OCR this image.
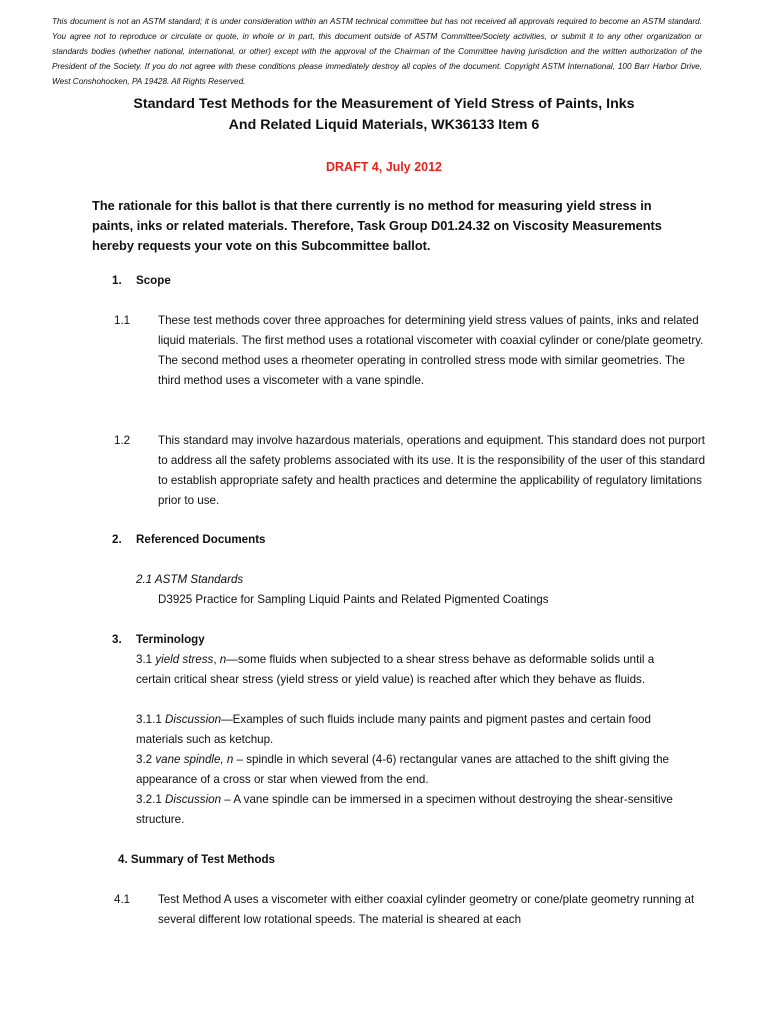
This document is not an ASTM standard; it is under consideration within an ASTM technical committee but has not received all approvals required to become an ASTM standard. You agree not to reproduce or circulate or quote, in whole or in part, this document outside of ASTM Committee/Society activities, or submit it to any other organization or standards bodies (whether national, international, or other) except with the approval of the Chairman of the Committee having jurisdiction and the written authorization of the President of the Society. If you do not agree with these conditions please immediately destroy all copies of the document. Copyright ASTM International, 100 Barr Harbor Drive, West Conshohocken, PA 19428. All Rights Reserved.
Standard Test Methods for the Measurement of Yield Stress of Paints, Inks
And Related Liquid Materials, WK36133 Item 6
DRAFT 4, July 2012
The rationale for this ballot is that there currently is no method for measuring yield stress in paints, inks or related materials. Therefore, Task Group D01.24.32 on Viscosity Measurements hereby requests your vote on this Subcommittee ballot.
1. Scope
1.1 These test methods cover three approaches for determining yield stress values of paints, inks and related liquid materials. The first method uses a rotational viscometer with coaxial cylinder or cone/plate geometry. The second method uses a rheometer operating in controlled stress mode with similar geometries. The third method uses a viscometer with a vane spindle.
1.2 This standard may involve hazardous materials, operations and equipment. This standard does not purport to address all the safety problems associated with its use. It is the responsibility of the user of this standard to establish appropriate safety and health practices and determine the applicability of regulatory limitations prior to use.
2. Referenced Documents
2.1 ASTM Standards
D3925 Practice for Sampling Liquid Paints and Related Pigmented Coatings
3. Terminology
3.1 yield stress, n—some fluids when subjected to a shear stress behave as deformable solids until a certain critical shear stress (yield stress or yield value) is reached after which they behave as fluids.
3.1.1 Discussion—Examples of such fluids include many paints and pigment pastes and certain food materials such as ketchup.
3.2 vane spindle, n – spindle in which several (4-6) rectangular vanes are attached to the shift giving the appearance of a cross or star when viewed from the end.
3.2.1 Discussion – A vane spindle can be immersed in a specimen without destroying the shear-sensitive structure.
4. Summary of Test Methods
4.1 Test Method A uses a viscometer with either coaxial cylinder geometry or cone/plate geometry running at several different low rotational speeds. The material is sheared at each
